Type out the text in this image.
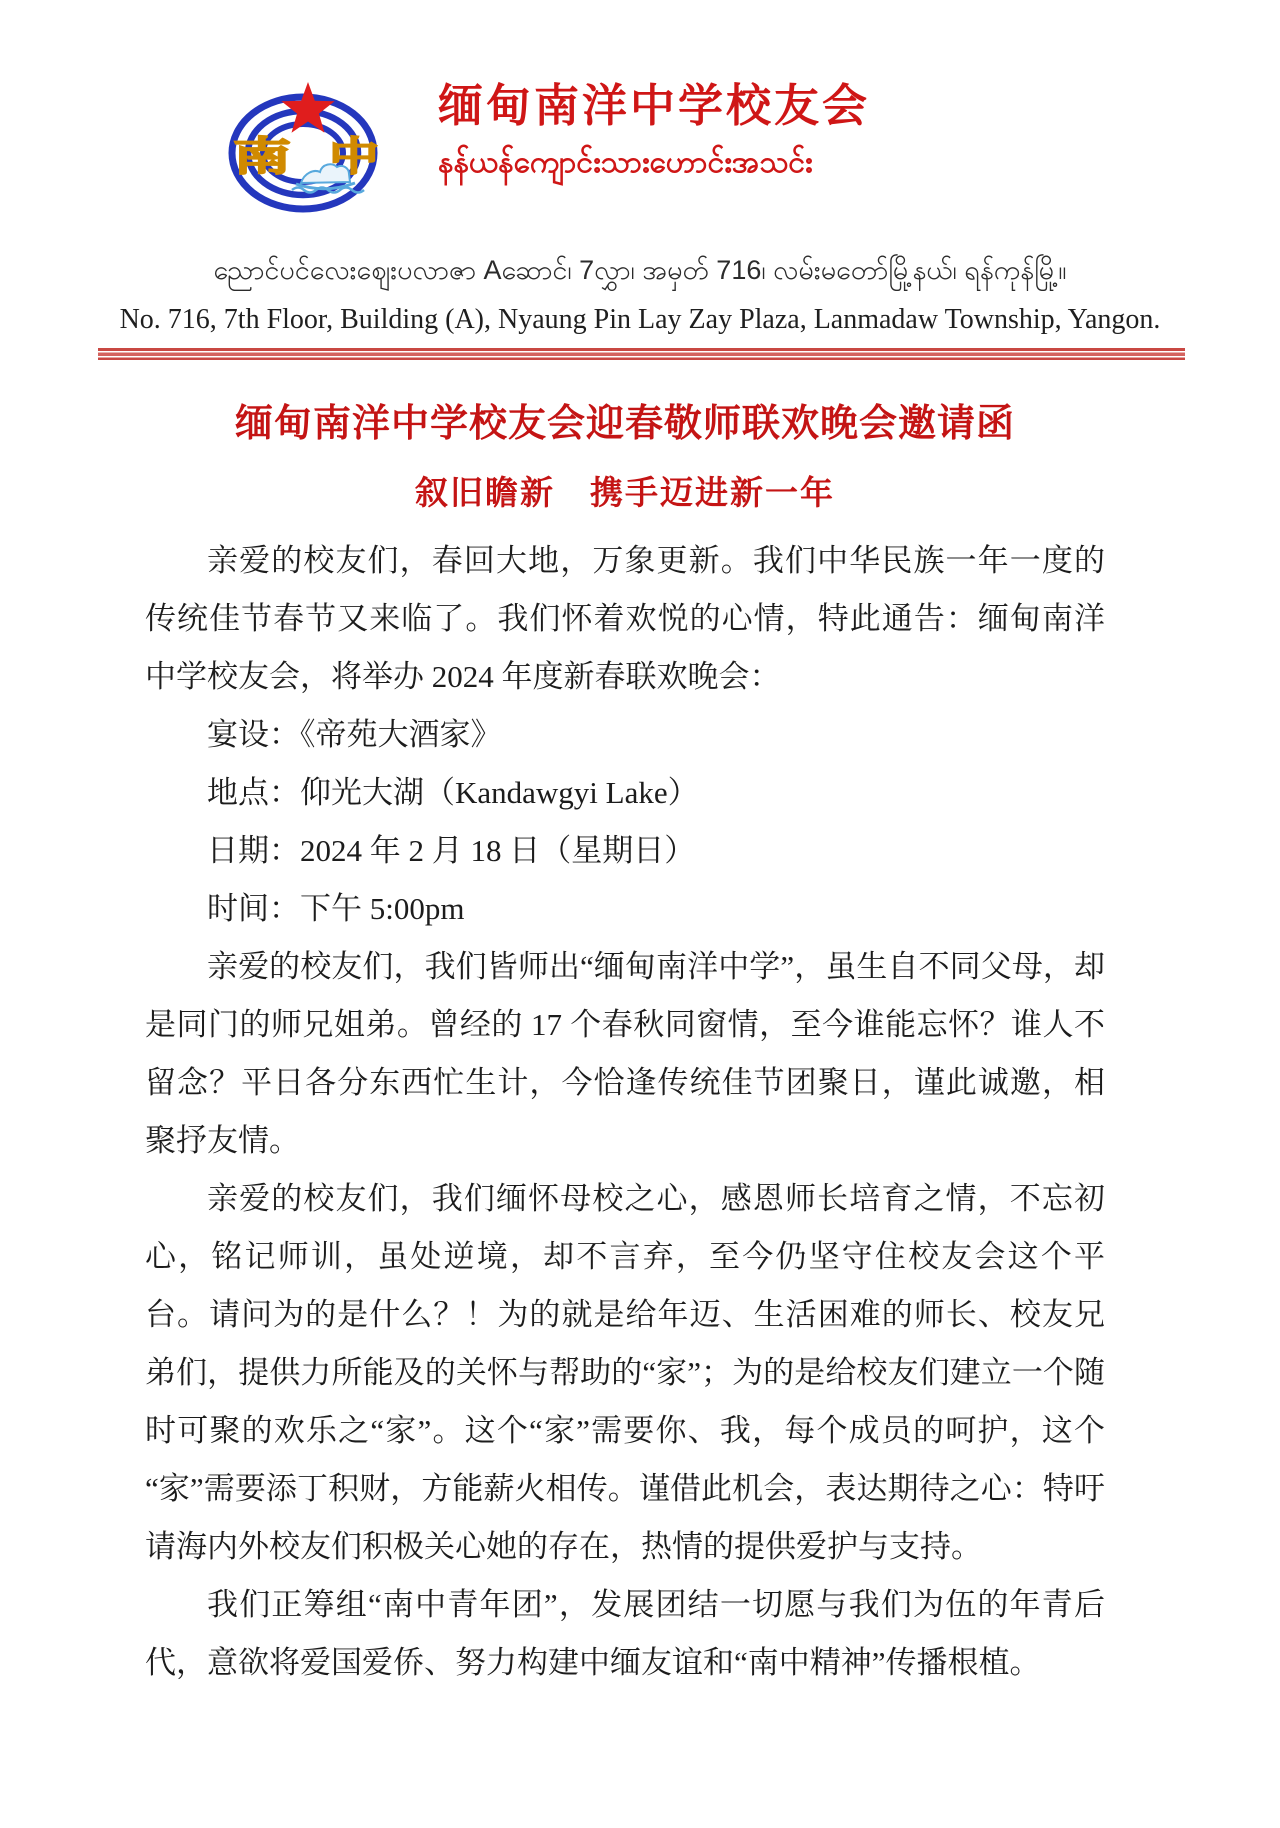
南 中
缅甸南洋中学校友会
နန်ယန်ကျောင်းသားဟောင်းအသင်း
ညောင်ပင်လေးဈေးပလာဇာ Aဆောင်၊ 7လွှာ၊ အမှတ် 716၊ လမ်းမတော်မြို့နယ်၊ ရန်ကုန်မြို့။
No. 716, 7th Floor, Building (A), Nyaung Pin Lay Zay Plaza, Lanmadaw Township, Yangon.
缅甸南洋中学校友会迎春敬师联欢晚会邀请函
叙旧瞻新　携手迈进新一年

亲爱的校友们，春回大地，万象更新。我们中华民族一年一度的传统佳节春节又来临了。我们怀着欢悦的心情，特此通告：缅甸南洋中学校友会，将举办 2024 年度新春联欢晚会：

宴设：《帝苑大酒家》
地点：仰光大湖（Kandawgyi Lake）
日期：2024 年 2 月 18 日（星期日）
时间：下午 5:00pm

亲爱的校友们，我们皆师出“缅甸南洋中学”，虽生自不同父母，却是同门的师兄姐弟。曾经的 17 个春秋同窗情，至今谁能忘怀？谁人不留念？平日各分东西忙生计，今恰逢传统佳节团聚日，谨此诚邀，相聚抒友情。

亲爱的校友们，我们缅怀母校之心，感恩师长培育之情，不忘初心，铭记师训，虽处逆境，却不言弃，至今仍坚守住校友会这个平台。请问为的是什么？！为的就是给年迈、生活困难的师长、校友兄弟们，提供力所能及的关怀与帮助的“家”；为的是给校友们建立一个随时可聚的欢乐之“家”。这个“家”需要你、我，每个成员的呵护，这个“家”需要添丁积财，方能薪火相传。谨借此机会，表达期待之心：特吁请海内外校友们积极关心她的存在，热情的提供爱护与支持。

我们正筹组“南中青年团”，发展团结一切愿与我们为伍的年青后代，意欲将爱国爱侨、努力构建中缅友谊和“南中精神”传播根植。
